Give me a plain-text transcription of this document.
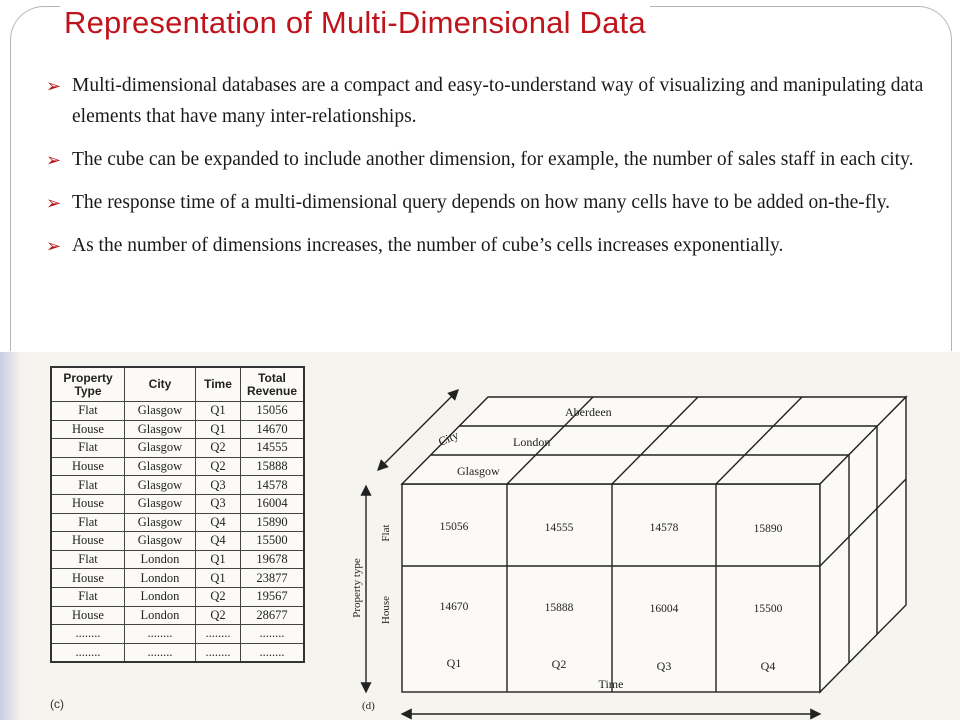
Representation of Multi-Dimensional Data
➢ Multi-dimensional databases are a compact and easy-to-understand way of visualizing and manipulating data elements that have many inter-relationships.
➢ The cube can be expanded to include another dimension, for example, the number of sales staff in each city.
➢ The response time of a multi-dimensional query depends on how many cells have to be added on-the-fly.
➢ As the number of dimensions increases, the number of cube’s cells increases exponentially.
Property Type	City	Time	Total Revenue
Flat	Glasgow	Q1	15056
House	Glasgow	Q1	14670
Flat	Glasgow	Q2	14555
House	Glasgow	Q2	15888
Flat	Glasgow	Q3	14578
House	Glasgow	Q3	16004
Flat	Glasgow	Q4	15890
House	Glasgow	Q4	15500
Flat	London	Q1	19678
House	London	Q1	23877
Flat	London	Q2	19567
House	London	Q2	28677
........	........	........	........
........	........	........	........
(c)
Aberdeen
London
Glasgow
City
Flat
House
Property type
15056	14555	14578	15890
14670	15888	16004	15500
Q1	Q2	Q3	Q4
Time
(d)
